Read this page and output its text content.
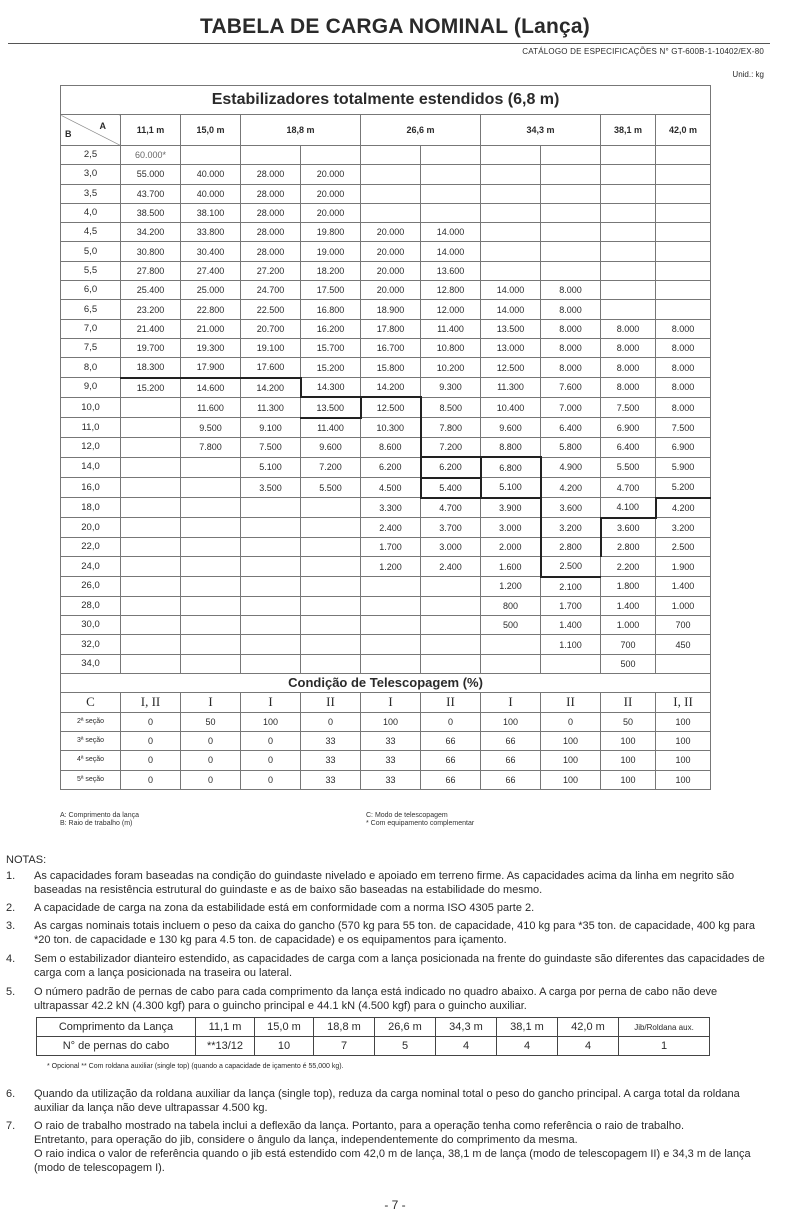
TABELA DE CARGA NOMINAL (Lança)
CATÁLOGO DE ESPECIFICAÇÕES N° GT-600B-1-10402/EX-80
Unid.: kg
Estabilizadores totalmente estendidos (6,8 m)										

A
B	11,1 m	15,0 m	18,8 m		26,6 m		34,3 m		38,1 m	42,0 m
2,5	60.000*									
3,0	55.000	40.000	28.000	20.000						
3,5	43.700	40.000	28.000	20.000						
4,0	38.500	38.100	28.000	20.000						
4,5	34.200	33.800	28.000	19.800	20.000	14.000				
5,0	30.800	30.400	28.000	19.000	20.000	14.000				
5,5	27.800	27.400	27.200	18.200	20.000	13.600				
6,0	25.400	25.000	24.700	17.500	20.000	12.800	14.000	8.000		
6,5	23.200	22.800	22.500	16.800	18.900	12.000	14.000	8.000		
7,0	21.400	21.000	20.700	16.200	17.800	11.400	13.500	8.000	8.000	8.000
7,5	19.700	19.300	19.100	15.700	16.700	10.800	13.000	8.000	8.000	8.000
8,0	18.300	17.900	17.600	15.200	15.800	10.200	12.500	8.000	8.000	8.000
9,0	15.200	14.600	14.200	14.300	14.200	9.300	11.300	7.600	8.000	8.000
10,0		11.600	11.300	13.500	12.500	8.500	10.400	7.000	7.500	8.000
11,0		9.500	9.100	11.400	10.300	7.800	9.600	6.400	6.900	7.500
12,0		7.800	7.500	9.600	8.600	7.200	8.800	5.800	6.400	6.900
14,0			5.100	7.200	6.200	6.200	6.800	4.900	5.500	5.900
16,0			3.500	5.500	4.500	5.400	5.100	4.200	4.700	5.200
18,0					3.300	4.700	3.900	3.600	4.100	4.200
20,0					2.400	3.700	3.000	3.200	3.600	3.200
22,0					1.700	3.000	2.000	2.800	2.800	2.500
24,0					1.200	2.400	1.600	2.500	2.200	1.900
26,0							1.200	2.100	1.800	1.400
28,0							800	1.700	1.400	1.000
30,0							500	1.400	1.000	700
32,0								1.100	700	450
34,0									500	
Condição de Telescopagem (%)										
C	I, II	I	I	II	I	II	I	II	II	I, II
2ª seção	0	50	100	0	100	0	100	0	50	100
3ª seção	0	0	0	33	33	66	66	100	100	100
4ª seção	0	0	0	33	33	66	66	100	100	100
5ª seção	0	0	0	33	33	66	66	100	100	100
A: Comprimento da lança
B: Raio de trabalho (m)
C: Modo de telescopagem
* Com equipamento complementar
NOTAS:
1. As capacidades foram baseadas na condição do guindaste nivelado e apoiado em terreno firme. As capacidades acima da linha em negrito são baseadas na resistência estrutural do guindaste e as de baixo são baseadas na estabilidade do mesmo.
2. A capacidade de carga na zona da estabilidade está em conformidade com a norma ISO 4305 parte 2.
3. As cargas nominais totais incluem o peso da caixa do gancho (570 kg para 55 ton. de capacidade, 410 kg para *35 ton. de capacidade, 400 kg para *20 ton. de capacidade e 130 kg para 4.5 ton. de capacidade) e os equipamentos para içamento.
4. Sem o estabilizador dianteiro estendido, as capacidades de carga com a lança posicionada na frente do guindaste são diferentes das capacidades de carga com a lança posicionada na traseira ou lateral.
5. O número padrão de pernas de cabo para cada comprimento da lança está indicado no quadro abaixo. A carga por perna de cabo não deve ultrapassar 42.2 kN (4.300 kgf) para o guincho principal e 44.1 kN (4.500 kgf) para o guincho auxiliar.
Comprimento da Lança	11,1 m	15,0 m	18,8 m	26,6 m	34,3 m	38,1 m	42,0 m	Jib/Roldana aux.
N° de pernas do cabo	**13/12	10	7	5	4	4	4	1
* Opcional ** Com roldana auxiliar (single top) (quando a capacidade de içamento é 55,000 kg).
6. Quando da utilização da roldana auxiliar da lança (single top), reduza da carga nominal total o peso do gancho principal. A carga total da roldana auxiliar da lança não deve ultrapassar 4.500 kg.
7. O raio de trabalho mostrado na tabela inclui a deflexão da lança. Portanto, para a operação tenha como referência o raio de trabalho.
Entretanto, para operação do jib, considere o ângulo da lança, independentemente do comprimento da mesma.
O raio indica o valor de referência quando o jib está estendido com 42,0 m de lança, 38,1 m de lança (modo de telescopagem II) e 34,3 m de lança (modo de telescopagem I).
- 7 -
